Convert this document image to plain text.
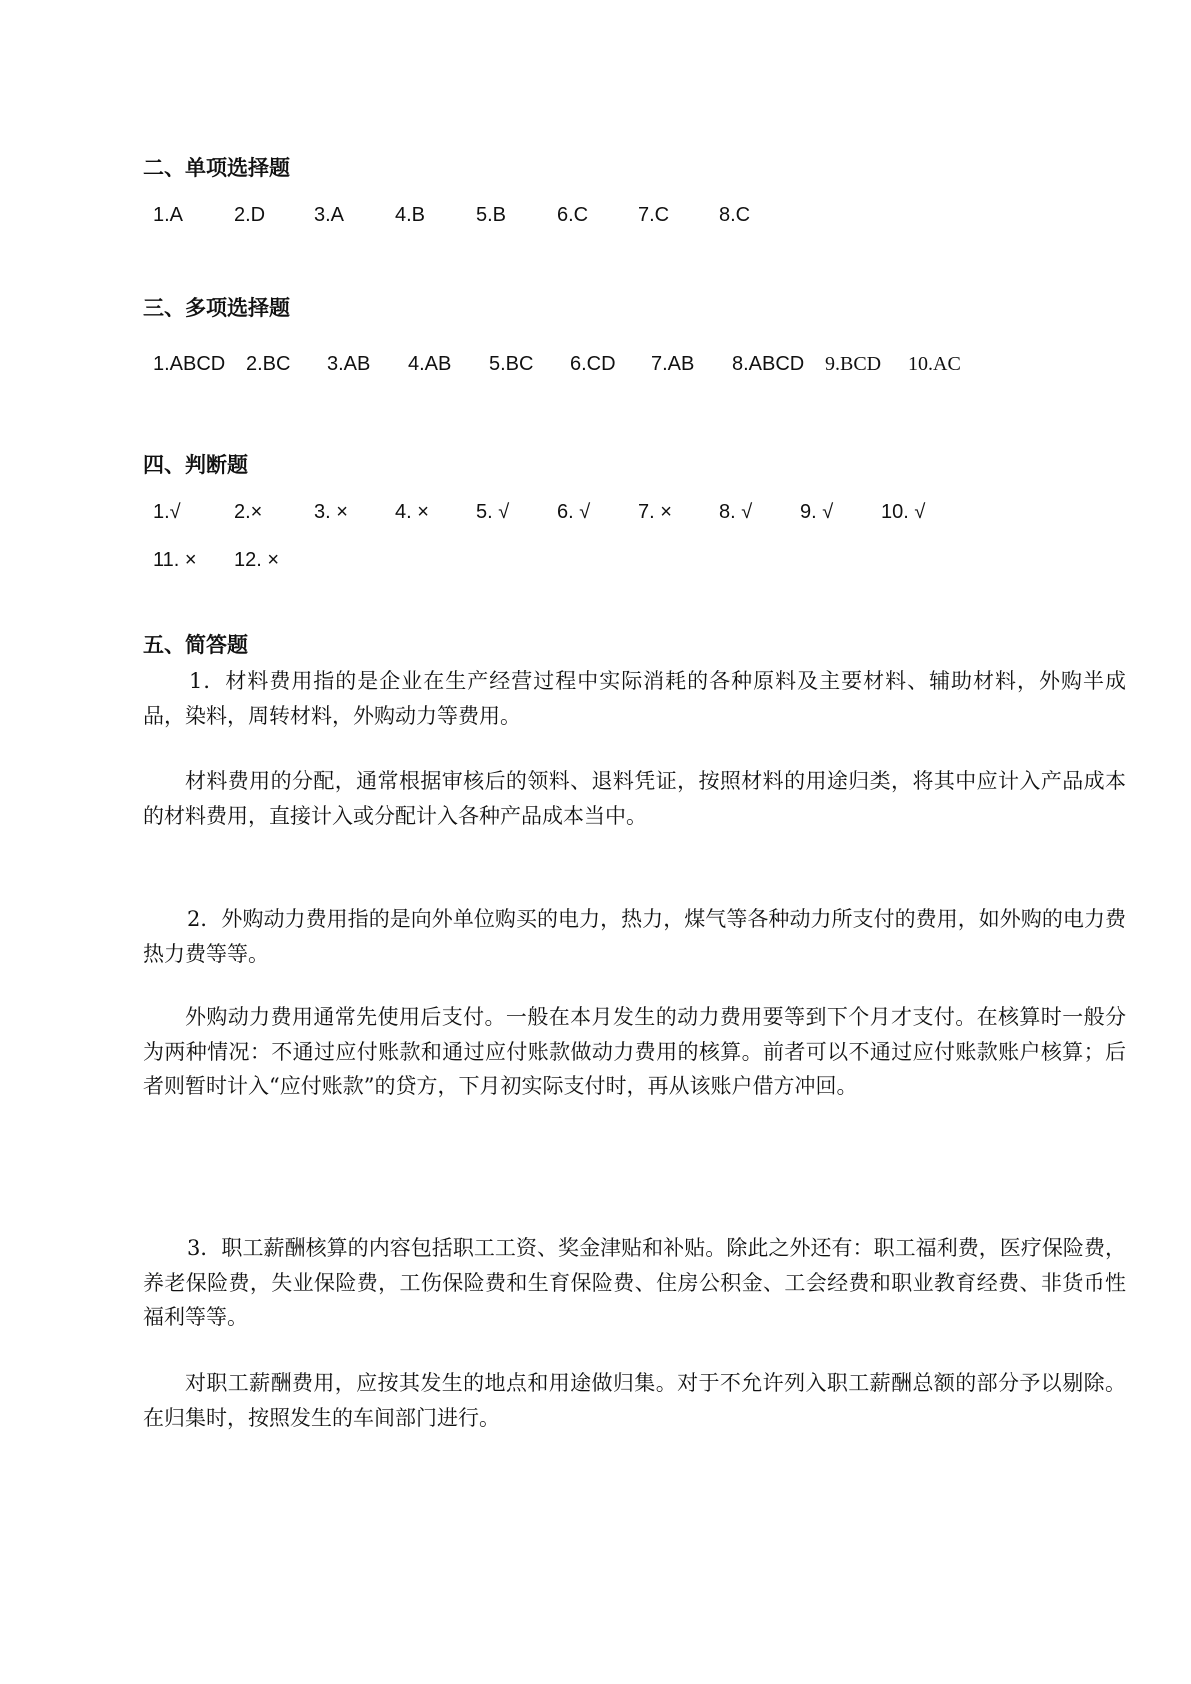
二、单项选择题
1.A	2.D 3.A	4.B	5.B	6.C 7.C 8.C
三、多项选择题
1.ABCD 2.BC 3.AB 4.AB 5.BC 6.CD 7.AB 8.ABCD 9.BCD 10.AC
四、判断题
1.√	2.×	3. × 4. × 5. √ 6. √ 7. × 8. √ 9. √ 10. √
11. × 12. ×
五、简答题
1．材料费用指的是企业在生产经营过程中实际消耗的各种原料及主要材料、辅助材料，外购半成品，染料，周转材料，外购动力等费用。
材料费用的分配，通常根据审核后的领料、退料凭证，按照材料的用途归类，将其中应计入产品成本的材料费用，直接计入或分配计入各种产品成本当中。
2．外购动力费用指的是向外单位购买的电力，热力，煤气等各种动力所支付的费用，如外购的电力费热力费等等。
外购动力费用通常先使用后支付。一般在本月发生的动力费用要等到下个月才支付。在核算时一般分为两种情况：不通过应付账款和通过应付账款做动力费用的核算。前者可以不通过应付账款账户核算；后者则暂时计入“应付账款”的贷方，下月初实际支付时，再从该账户借方冲回。
3．职工薪酬核算的内容包括职工工资、奖金津贴和补贴。除此之外还有：职工福利费，医疗保险费，养老保险费，失业保险费，工伤保险费和生育保险费、住房公积金、工会经费和职业教育经费、非货币性福利等等。
对职工薪酬费用，应按其发生的地点和用途做归集。对于不允许列入职工薪酬总额的部分予以剔除。在归集时，按照发生的车间部门进行。
